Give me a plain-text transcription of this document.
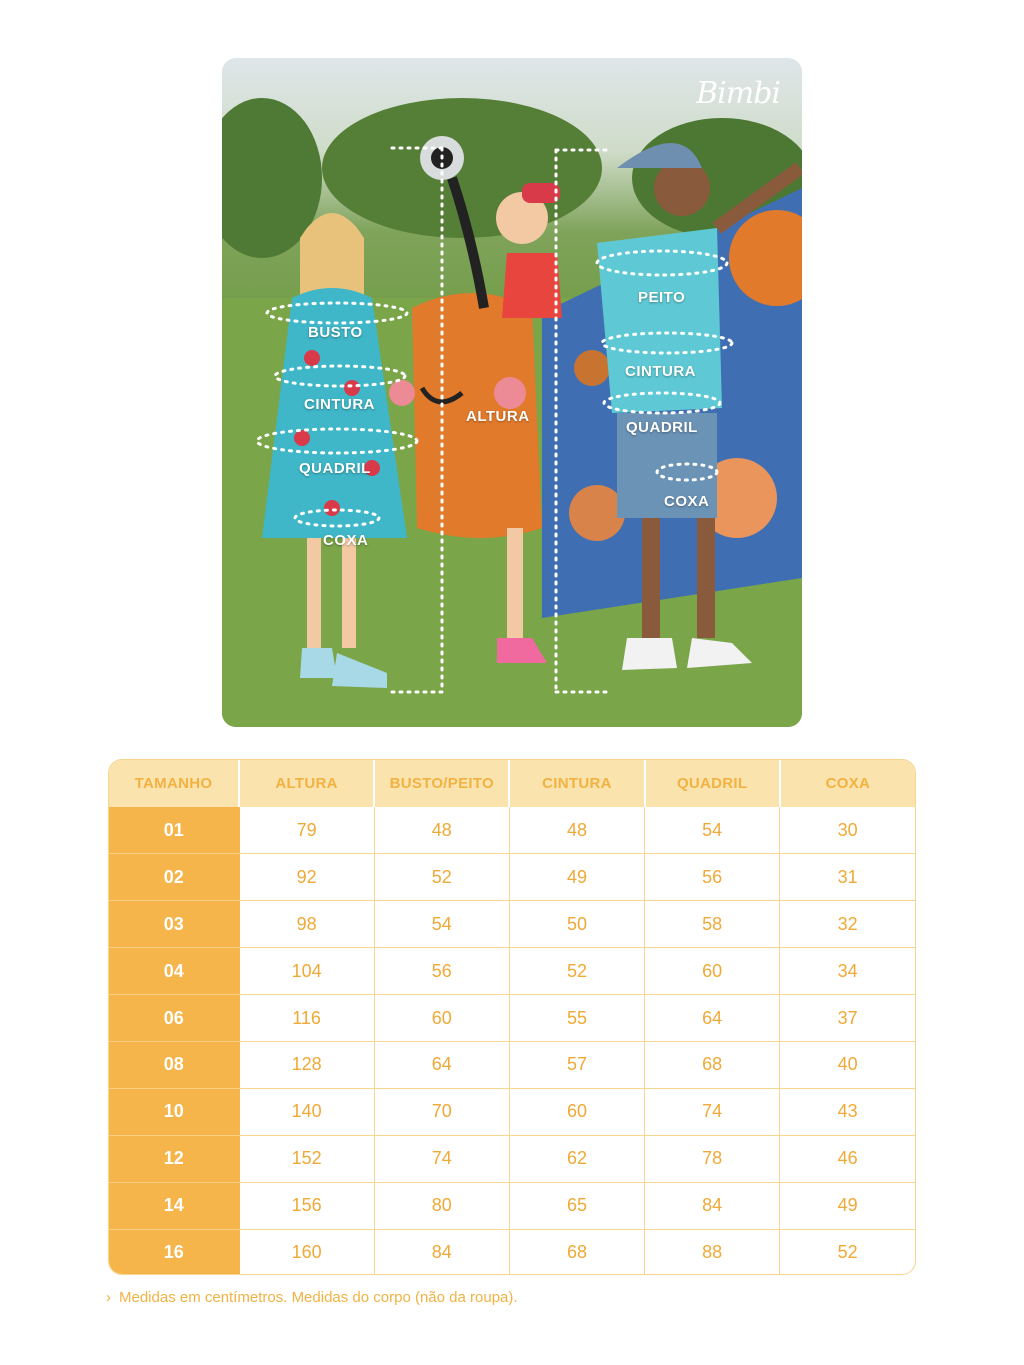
Bimbi
BUSTO
CINTURA
QUADRIL
COXA
ALTURA
PEITO
CINTURA
QUADRIL
COXA
TAMANHO	ALTURA	BUSTO/PEITO	CINTURA	QUADRIL	COXA
01	79	48	48	54	30
02	92	52	49	56	31
03	98	54	50	58	32
04	104	56	52	60	34
06	116	60	55	64	37
08	128	64	57	68	40
10	140	70	60	74	43
12	152	74	62	78	46
14	156	80	65	84	49
16	160	84	68	88	52
› Medidas em centímetros. Medidas do corpo (não da roupa).
